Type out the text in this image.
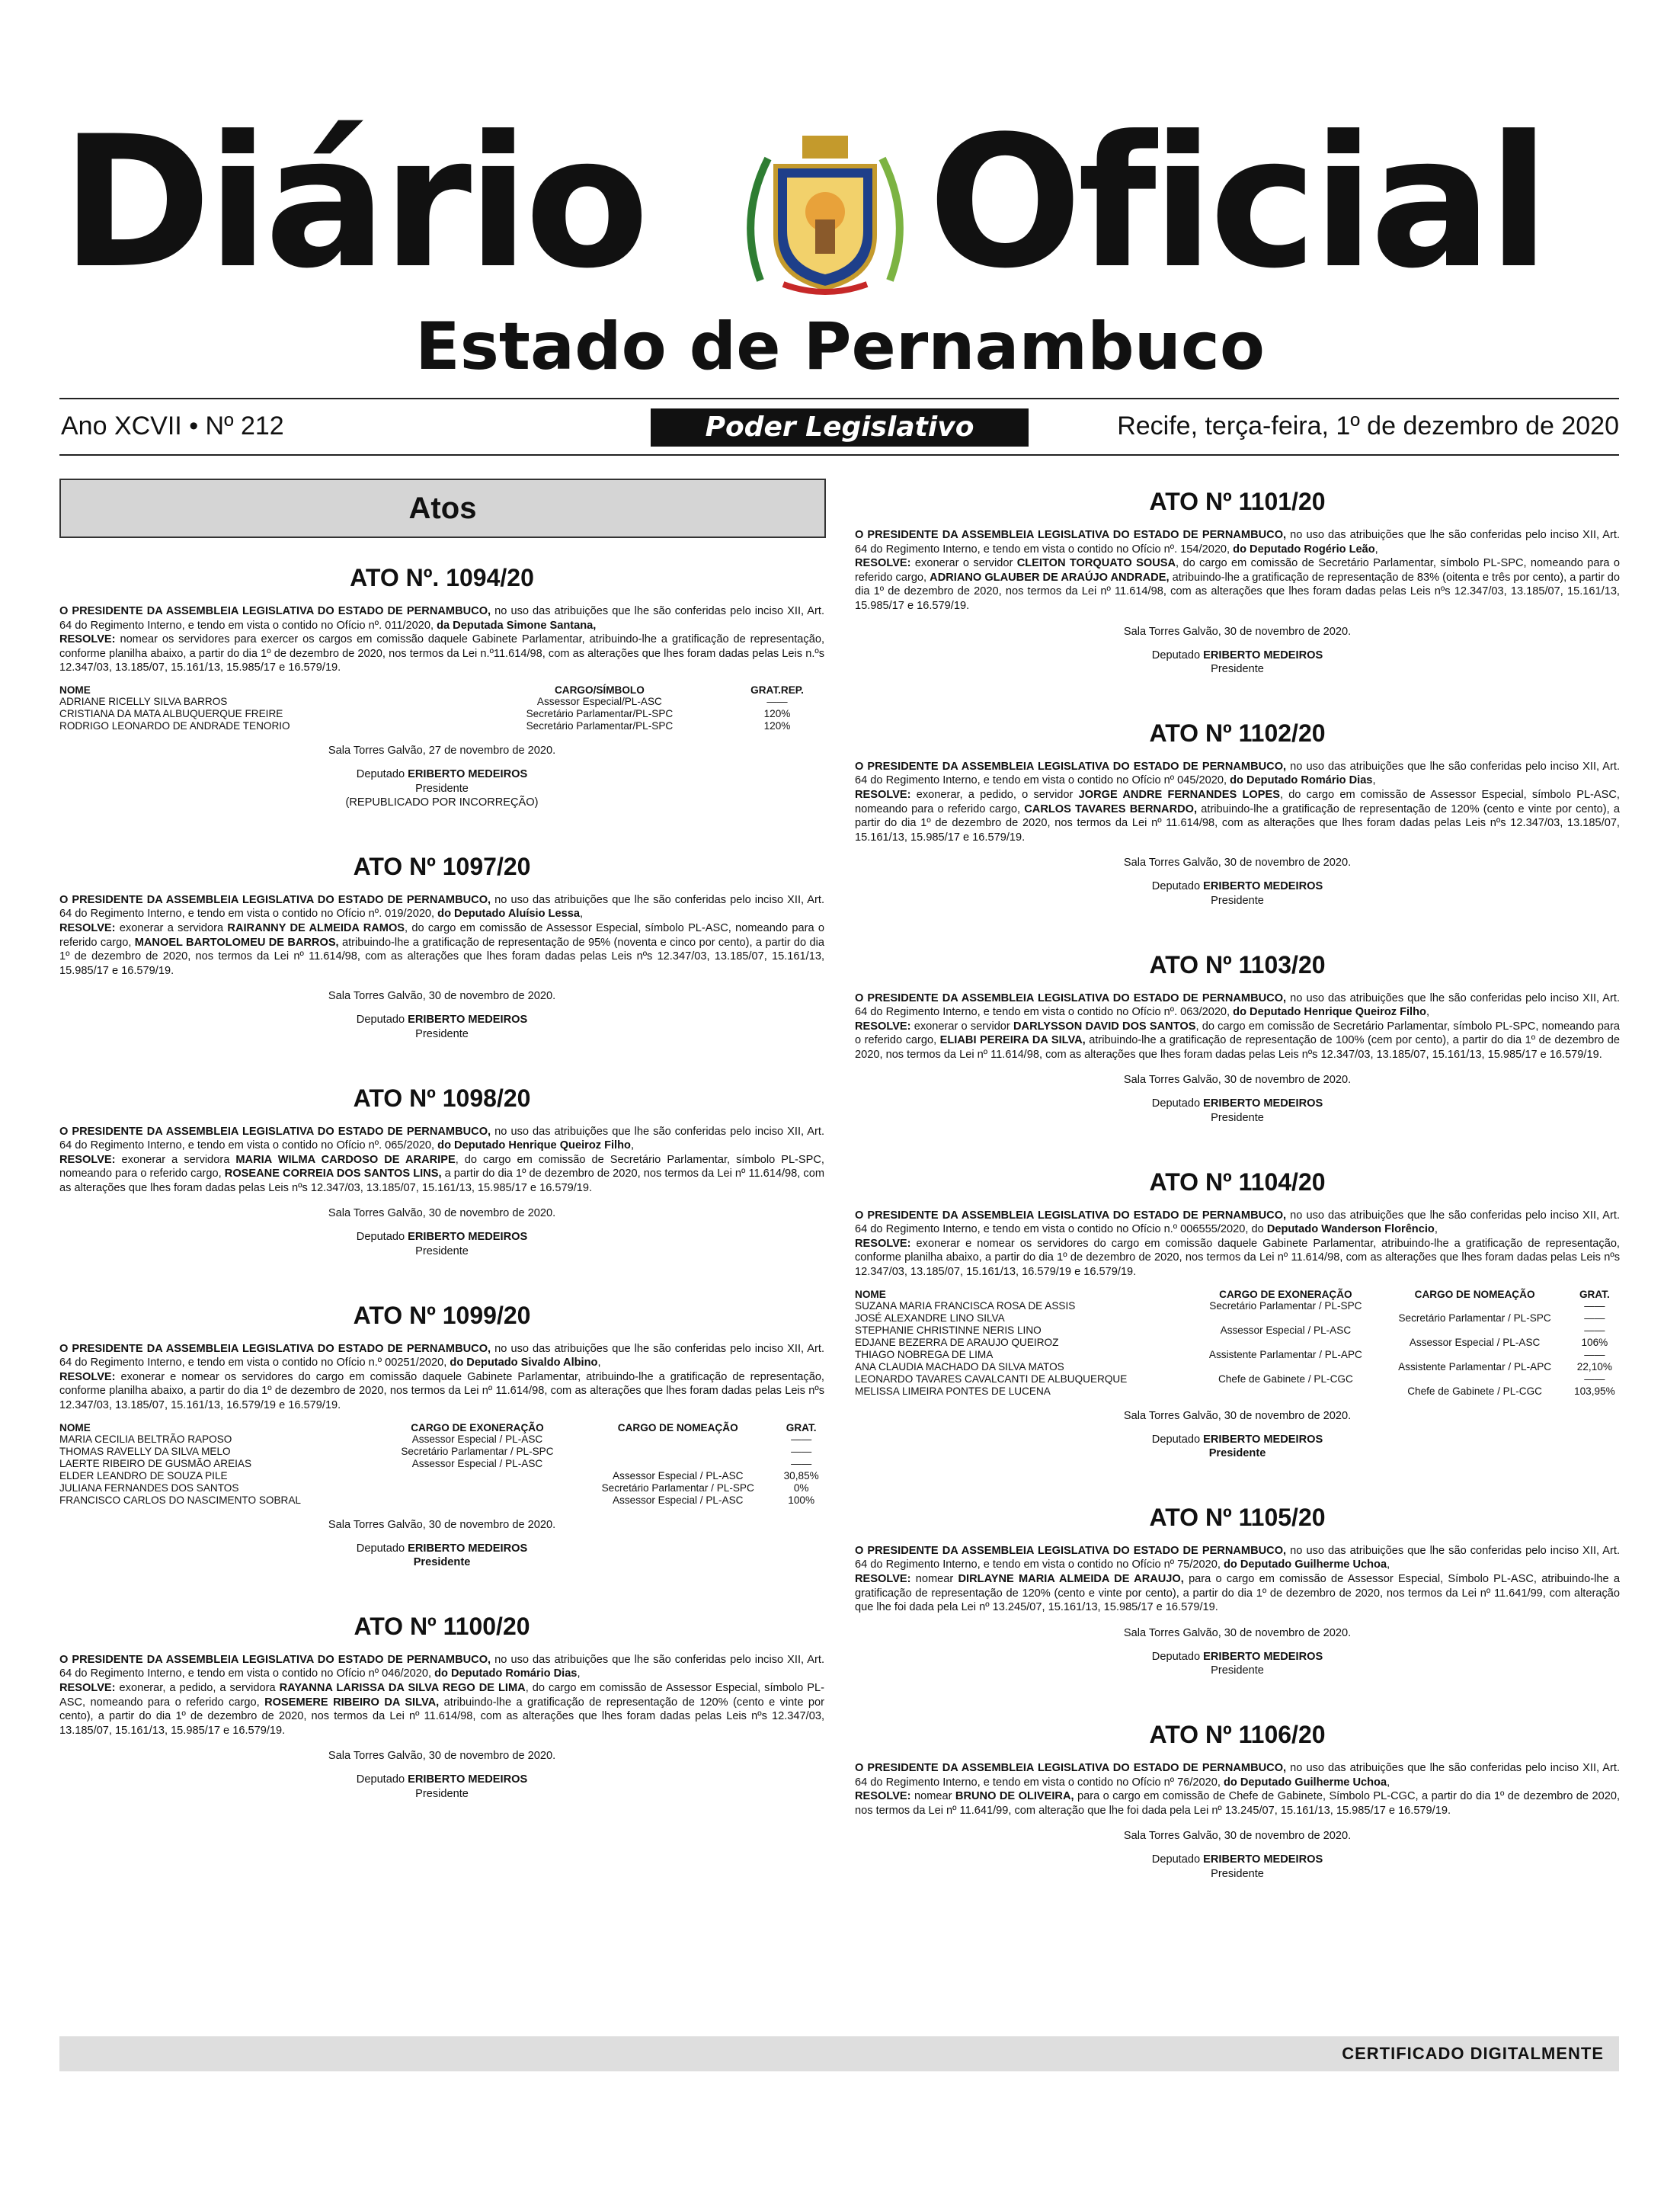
Diário Oficial
Estado de Pernambuco
Ano XCVII • Nº 212	Poder Legislativo	Recife, terça-feira, 1º de dezembro de 2020
Atos
ATO Nº. 1094/20
O PRESIDENTE DA ASSEMBLEIA LEGISLATIVA DO ESTADO DE PERNAMBUCO, no uso das atribuições que lhe são conferidas pelo inciso XII, Art. 64 do Regimento Interno, e tendo em vista o contido no Ofício nº. 011/2020, da Deputada Simone Santana,
RESOLVE: nomear os servidores para exercer os cargos em comissão daquele Gabinete Parlamentar, atribuindo-lhe a gratificação de representação, conforme planilha abaixo, a partir do dia 1º de dezembro de 2020, nos termos da Lei n.º11.614/98, com as alterações que lhes foram dadas pelas Leis n.ºs 12.347/03, 13.185/07, 15.161/13, 15.985/17 e 16.579/19.
NOME	CARGO/SÍMBOLO	GRAT.REP.
ADRIANE RICELLY SILVA BARROS	Assessor Especial/PL-ASC	——
CRISTIANA DA MATA ALBUQUERQUE FREIRE	Secretário Parlamentar/PL-SPC	120%
RODRIGO LEONARDO DE ANDRADE TENORIO	Secretário Parlamentar/PL-SPC	120%
Sala Torres Galvão, 27 de novembro de 2020.
Deputado ERIBERTO MEDEIROS
Presidente
(REPUBLICADO POR INCORREÇÃO)
ATO Nº 1097/20
O PRESIDENTE DA ASSEMBLEIA LEGISLATIVA DO ESTADO DE PERNAMBUCO, no uso das atribuições que lhe são conferidas pelo inciso XII, Art. 64 do Regimento Interno, e tendo em vista o contido no Ofício nº. 019/2020, do Deputado Aluísio Lessa,
RESOLVE: exonerar a servidora RAIRANNY DE ALMEIDA RAMOS, do cargo em comissão de Assessor Especial, símbolo PL-ASC, nomeando para o referido cargo, MANOEL BARTOLOMEU DE BARROS, atribuindo-lhe a gratificação de representação de 95% (noventa e cinco por cento), a partir do dia 1º de dezembro de 2020, nos termos da Lei nº 11.614/98, com as alterações que lhes foram dadas pelas Leis nºs 12.347/03, 13.185/07, 15.161/13, 15.985/17 e 16.579/19.
Sala Torres Galvão, 30 de novembro de 2020.
Deputado ERIBERTO MEDEIROS
Presidente
ATO Nº 1098/20
O PRESIDENTE DA ASSEMBLEIA LEGISLATIVA DO ESTADO DE PERNAMBUCO, no uso das atribuições que lhe são conferidas pelo inciso XII, Art. 64 do Regimento Interno, e tendo em vista o contido no Ofício nº. 065/2020, do Deputado Henrique Queiroz Filho,
RESOLVE: exonerar a servidora MARIA WILMA CARDOSO DE ARARIPE, do cargo em comissão de Secretário Parlamentar, símbolo PL-SPC, nomeando para o referido cargo, ROSEANE CORREIA DOS SANTOS LINS, a partir do dia 1º de dezembro de 2020, nos termos da Lei nº 11.614/98, com as alterações que lhes foram dadas pelas Leis nºs 12.347/03, 13.185/07, 15.161/13, 15.985/17 e 16.579/19.
Sala Torres Galvão, 30 de novembro de 2020.
Deputado ERIBERTO MEDEIROS
Presidente
ATO Nº 1099/20
O PRESIDENTE DA ASSEMBLEIA LEGISLATIVA DO ESTADO DE PERNAMBUCO, no uso das atribuições que lhe são conferidas pelo inciso XII, Art. 64 do Regimento Interno, e tendo em vista o contido no Ofício n.º 00251/2020, do Deputado Sivaldo Albino,
RESOLVE: exonerar e nomear os servidores do cargo em comissão daquele Gabinete Parlamentar, atribuindo-lhe a gratificação de representação, conforme planilha abaixo, a partir do dia 1º de dezembro de 2020, nos termos da Lei nº 11.614/98, com as alterações que lhes foram dadas pelas Leis nºs 12.347/03, 13.185/07, 15.161/13, 16.579/19 e 16.579/19.
NOME	CARGO DE EXONERAÇÃO	CARGO DE NOMEAÇÃO	GRAT.
MARIA CECILIA BELTRÃO RAPOSO	Assessor Especial / PL-ASC		——
THOMAS RAVELLY DA SILVA MELO	Secretário Parlamentar / PL-SPC		——
LAERTE RIBEIRO DE GUSMÃO AREIAS	Assessor Especial / PL-ASC		——
ELDER LEANDRO DE SOUZA PILE		Assessor Especial / PL-ASC	30,85%
JULIANA FERNANDES DOS SANTOS		Secretário Parlamentar / PL-SPC	0%
FRANCISCO CARLOS DO NASCIMENTO SOBRAL		Assessor Especial / PL-ASC	100%
Sala Torres Galvão, 30 de novembro de 2020.
Deputado ERIBERTO MEDEIROS
Presidente
ATO Nº 1100/20
O PRESIDENTE DA ASSEMBLEIA LEGISLATIVA DO ESTADO DE PERNAMBUCO, no uso das atribuições que lhe são conferidas pelo inciso XII, Art. 64 do Regimento Interno, e tendo em vista o contido no Ofício nº 046/2020, do Deputado Romário Dias,
RESOLVE: exonerar, a pedido, a servidora RAYANNA LARISSA DA SILVA REGO DE LIMA, do cargo em comissão de Assessor Especial, símbolo PL-ASC, nomeando para o referido cargo, ROSEMERE RIBEIRO DA SILVA, atribuindo-lhe a gratificação de representação de 120% (cento e vinte por cento), a partir do dia 1º de dezembro de 2020, nos termos da Lei nº 11.614/98, com as alterações que lhes foram dadas pelas Leis nºs 12.347/03, 13.185/07, 15.161/13, 15.985/17 e 16.579/19.
Sala Torres Galvão, 30 de novembro de 2020.
Deputado ERIBERTO MEDEIROS
Presidente
ATO Nº 1101/20
O PRESIDENTE DA ASSEMBLEIA LEGISLATIVA DO ESTADO DE PERNAMBUCO, no uso das atribuições que lhe são conferidas pelo inciso XII, Art. 64 do Regimento Interno, e tendo em vista o contido no Ofício nº. 154/2020, do Deputado Rogério Leão,
RESOLVE: exonerar o servidor CLEITON TORQUATO SOUSA, do cargo em comissão de Secretário Parlamentar, símbolo PL-SPC, nomeando para o referido cargo, ADRIANO GLAUBER DE ARAÚJO ANDRADE, atribuindo-lhe a gratificação de representação de 83% (oitenta e três por cento), a partir do dia 1º de dezembro de 2020, nos termos da Lei nº 11.614/98, com as alterações que lhes foram dadas pelas Leis nºs 12.347/03, 13.185/07, 15.161/13, 15.985/17 e 16.579/19.
Sala Torres Galvão, 30 de novembro de 2020.
Deputado ERIBERTO MEDEIROS
Presidente
ATO Nº 1102/20
O PRESIDENTE DA ASSEMBLEIA LEGISLATIVA DO ESTADO DE PERNAMBUCO, no uso das atribuições que lhe são conferidas pelo inciso XII, Art. 64 do Regimento Interno, e tendo em vista o contido no Ofício nº 045/2020, do Deputado Romário Dias,
RESOLVE: exonerar, a pedido, o servidor JORGE ANDRE FERNANDES LOPES, do cargo em comissão de Assessor Especial, símbolo PL-ASC, nomeando para o referido cargo, CARLOS TAVARES BERNARDO, atribuindo-lhe a gratificação de representação de 120% (cento e vinte por cento), a partir do dia 1º de dezembro de 2020, nos termos da Lei nº 11.614/98, com as alterações que lhes foram dadas pelas Leis nºs 12.347/03, 13.185/07, 15.161/13, 15.985/17 e 16.579/19.
Sala Torres Galvão, 30 de novembro de 2020.
Deputado ERIBERTO MEDEIROS
Presidente
ATO Nº 1103/20
O PRESIDENTE DA ASSEMBLEIA LEGISLATIVA DO ESTADO DE PERNAMBUCO, no uso das atribuições que lhe são conferidas pelo inciso XII, Art. 64 do Regimento Interno, e tendo em vista o contido no Ofício nº. 063/2020, do Deputado Henrique Queiroz Filho,
RESOLVE: exonerar o servidor DARLYSSON DAVID DOS SANTOS, do cargo em comissão de Secretário Parlamentar, símbolo PL-SPC, nomeando para o referido cargo, ELIABI PEREIRA DA SILVA, atribuindo-lhe a gratificação de representação de 100% (cem por cento), a partir do dia 1º de dezembro de 2020, nos termos da Lei nº 11.614/98, com as alterações que lhes foram dadas pelas Leis nºs 12.347/03, 13.185/07, 15.161/13, 15.985/17 e 16.579/19.
Sala Torres Galvão, 30 de novembro de 2020.
Deputado ERIBERTO MEDEIROS
Presidente
ATO Nº 1104/20
O PRESIDENTE DA ASSEMBLEIA LEGISLATIVA DO ESTADO DE PERNAMBUCO, no uso das atribuições que lhe são conferidas pelo inciso XII, Art. 64 do Regimento Interno, e tendo em vista o contido no Ofício n.º 006555/2020, do Deputado Wanderson Florêncio,
RESOLVE: exonerar e nomear os servidores do cargo em comissão daquele Gabinete Parlamentar, atribuindo-lhe a gratificação de representação, conforme planilha abaixo, a partir do dia 1º de dezembro de 2020, nos termos da Lei nº 11.614/98, com as alterações que lhes foram dadas pelas Leis nºs 12.347/03, 13.185/07, 15.161/13, 16.579/19 e 16.579/19.
NOME	CARGO DE EXONERAÇÃO	CARGO DE NOMEAÇÃO	GRAT.
SUZANA MARIA FRANCISCA ROSA DE ASSIS	Secretário Parlamentar / PL-SPC		——
JOSÉ ALEXANDRE LINO SILVA		Secretário Parlamentar / PL-SPC	——
STEPHANIE CHRISTINNE NERIS LINO	Assessor Especial / PL-ASC		——
EDJANE BEZERRA DE ARAUJO QUEIROZ		Assessor Especial / PL-ASC	106%
THIAGO NOBREGA DE LIMA	Assistente Parlamentar / PL-APC		——
ANA CLAUDIA MACHADO DA SILVA MATOS		Assistente Parlamentar / PL-APC	22,10%
LEONARDO TAVARES CAVALCANTI DE ALBUQUERQUE	Chefe de Gabinete / PL-CGC		——
MELISSA LIMEIRA PONTES DE LUCENA		Chefe de Gabinete / PL-CGC	103,95%
Sala Torres Galvão, 30 de novembro de 2020.
Deputado ERIBERTO MEDEIROS
Presidente
ATO Nº 1105/20
O PRESIDENTE DA ASSEMBLEIA LEGISLATIVA DO ESTADO DE PERNAMBUCO, no uso das atribuições que lhe são conferidas pelo inciso XII, Art. 64 do Regimento Interno, e tendo em vista o contido no Ofício nº 75/2020, do Deputado Guilherme Uchoa,
RESOLVE: nomear DIRLAYNE MARIA ALMEIDA DE ARAUJO, para o cargo em comissão de Assessor Especial, Símbolo PL-ASC, atribuindo-lhe a gratificação de representação de 120% (cento e vinte por cento), a partir do dia 1º de dezembro de 2020, nos termos da Lei nº 11.641/99, com alteração que lhe foi dada pela Lei nº 13.245/07, 15.161/13, 15.985/17 e 16.579/19.
Sala Torres Galvão, 30 de novembro de 2020.
Deputado ERIBERTO MEDEIROS
Presidente
ATO Nº 1106/20
O PRESIDENTE DA ASSEMBLEIA LEGISLATIVA DO ESTADO DE PERNAMBUCO, no uso das atribuições que lhe são conferidas pelo inciso XII, Art. 64 do Regimento Interno, e tendo em vista o contido no Ofício nº 76/2020, do Deputado Guilherme Uchoa,
RESOLVE: nomear BRUNO DE OLIVEIRA, para o cargo em comissão de Chefe de Gabinete, Símbolo PL-CGC, a partir do dia 1º de dezembro de 2020, nos termos da Lei nº 11.641/99, com alteração que lhe foi dada pela Lei nº 13.245/07, 15.161/13, 15.985/17 e 16.579/19.
Sala Torres Galvão, 30 de novembro de 2020.
Deputado ERIBERTO MEDEIROS
Presidente
CERTIFICADO DIGITALMENTE
